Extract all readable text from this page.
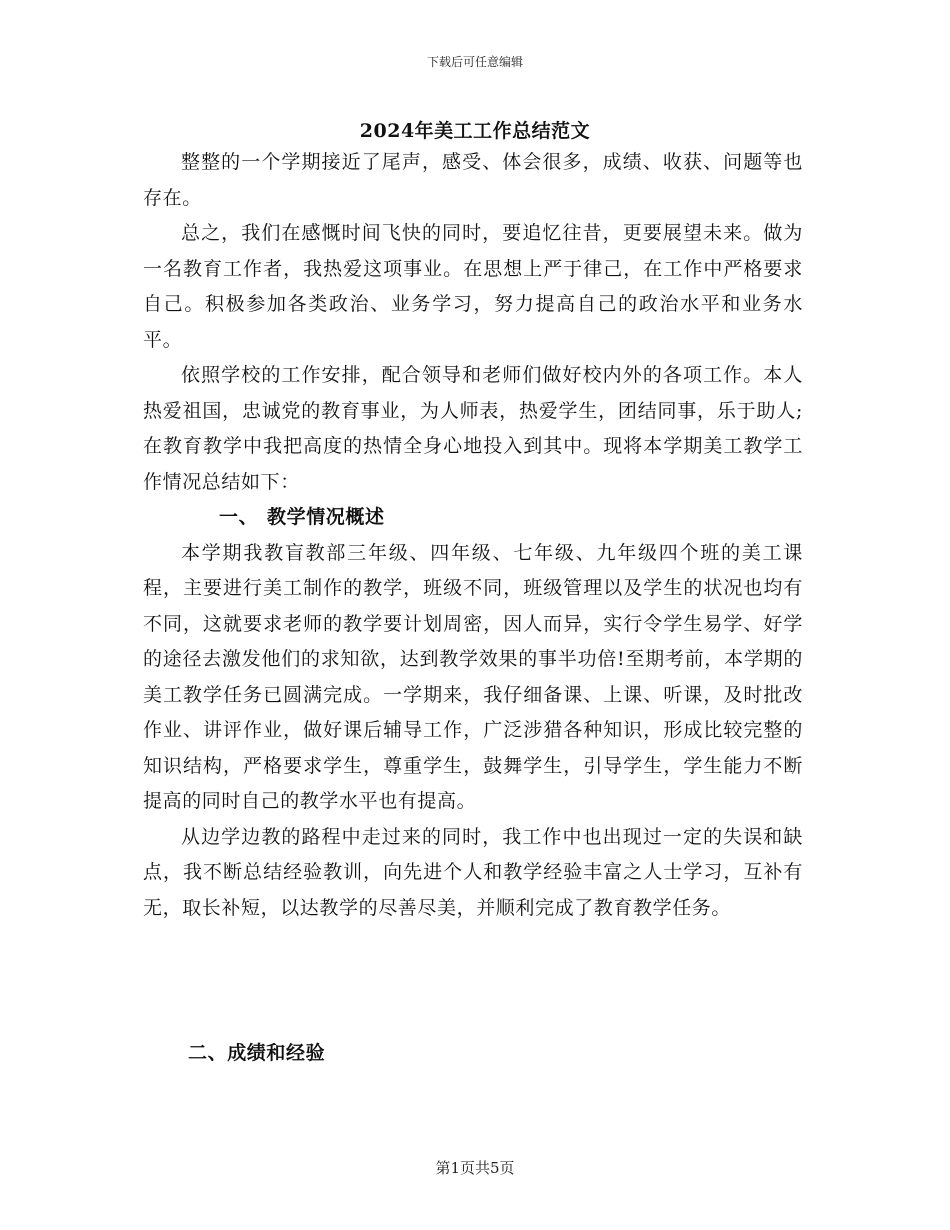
下载后可任意编辑
2024年美工工作总结范文

整整的一个学期接近了尾声，感受、体会很多，成绩、收获、问题等也存在。

总之，我们在感慨时间飞快的同时，要追忆往昔，更要展望未来。做为一名教育工作者，我热爱这项事业。在思想上严于律己，在工作中严格要求自己。积极参加各类政治、业务学习，努力提高自己的政治水平和业务水平。

依照学校的工作安排，配合领导和老师们做好校内外的各项工作。本人热爱祖国，忠诚党的教育事业，为人师表，热爱学生，团结同事，乐于助人;在教育教学中我把高度的热情全身心地投入到其中。现将本学期美工教学工作情况总结如下：

一、 教学情况概述

本学期我教盲教部三年级、四年级、七年级、九年级四个班的美工课程，主要进行美工制作的教学，班级不同，班级管理以及学生的状况也均有不同，这就要求老师的教学要计划周密，因人而异，实行令学生易学、好学的途径去激发他们的求知欲，达到教学效果的事半功倍!至期考前，本学期的美工教学任务已圆满完成。一学期来，我仔细备课、上课、听课，及时批改作业、讲评作业，做好课后辅导工作，广泛涉猎各种知识，形成比较完整的知识结构，严格要求学生，尊重学生，鼓舞学生，引导学生，学生能力不断提高的同时自己的教学水平也有提高。

从边学边教的路程中走过来的同时，我工作中也出现过一定的失误和缺点，我不断总结经验教训，向先进个人和教学经验丰富之人士学习，互补有无，取长补短，以达教学的尽善尽美，并顺利完成了教育教学任务。

二、成绩和经验
第1页共5页
